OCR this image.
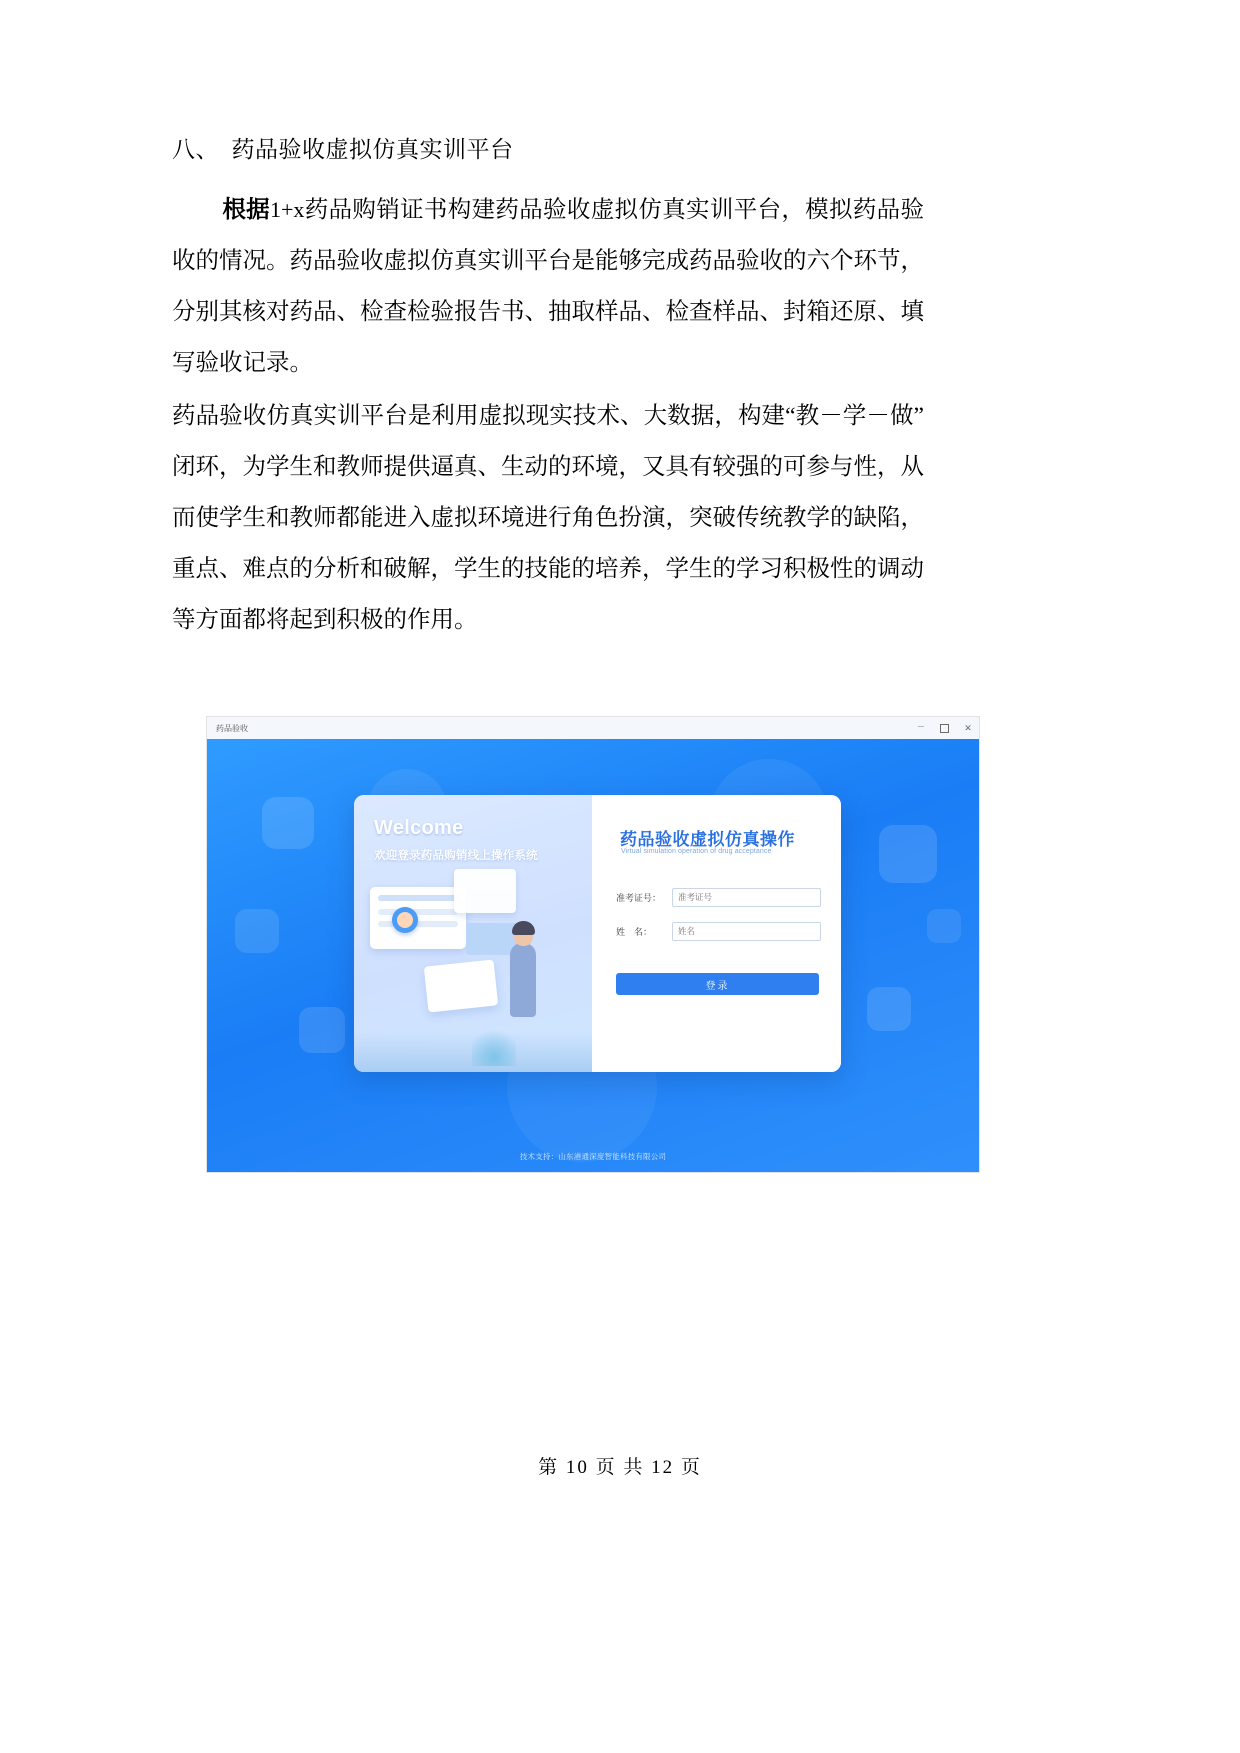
八、  药品验收虚拟仿真实训平台

根据1+x药品购销证书构建药品验收虚拟仿真实训平台，模拟药品验收的情况。药品验收虚拟仿真实训平台是能够完成药品验收的六个环节，分别其核对药品、检查检验报告书、抽取样品、检查样品、封箱还原、填写验收记录。

药品验收仿真实训平台是利用虚拟现实技术、大数据，构建“教－学－做”闭环，为学生和教师提供逼真、生动的环境，又具有较强的可参与性，从而使学生和教师都能进入虚拟环境进行角色扮演，突破传统教学的缺陷，重点、难点的分析和破解，学生的技能的培养，学生的学习积极性的调动等方面都将起到积极的作用。

药品验收
—
✕
Welcome
欢迎登录药品购销线上操作系统
药品验收虚拟仿真操作
Virtual simulation operation of drug acceptance
准考证号：
准考证号
姓　名：
姓名
登录
技术支持：山东港通深度智能科技有限公司
第 10 页 共 12 页
